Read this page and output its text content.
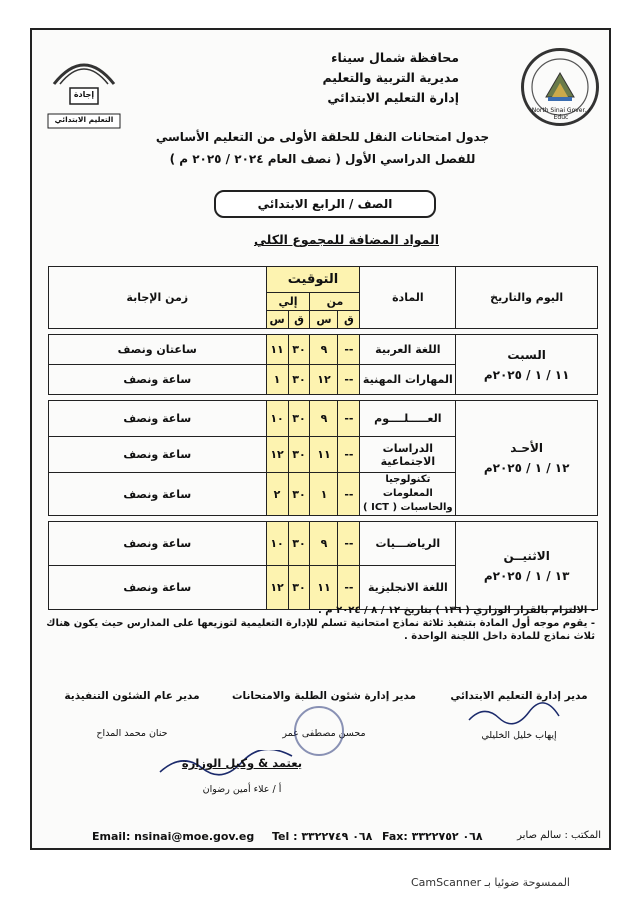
North Sinai Gover. / Educ
إجادة
التعليم الابتدائي
محافظة شمال سيناء
مديرية التربية والتعليم
إدارة التعليم الابتدائي
جدول امتحانات النقل للحلقة الأولى من التعليم الأساسي
للفصل الدراسي الأول ( نصف العام ٢٠٢٤ / ٢٠٢٥ م )
الصف / الرابع الابتدائي
المواد المضافة للمجموع الكلي
اليوم والتاريخ	المادة	التوقيت				زمن الإجابة
		من		إلي		
		ق	س	ق	س	

السبت
١١ / ١ / ٢٠٢٥م	اللغة العربية	--	٩	٣٠	١١	ساعتان ونصف
	المهارات المهنية	--	١٢	٣٠	١	ساعة ونصف

الأحـد
١٢ / ١ / ٢٠٢٥م	العـــــلــــوم	--	٩	٣٠	١٠	ساعة ونصف
	الدراسات الاجتماعية	--	١١	٣٠	١٢	ساعة ونصف
	تكنولوجيا المعلومات والحاسبات ( ICT )	--	١	٣٠	٢	ساعة ونصف

الاثنيــن
١٣ / ١ / ٢٠٢٥م	الرياضـــيات	--	٩	٣٠	١٠	ساعة ونصف
	اللغة الانجليزية	--	١١	٣٠	١٢	ساعة ونصف
- الالتزام بالقرار الوزاري ( ١٣٦ ) بتاريخ ١٢ / ٨ / ٢٠٢٤ م .
- يقوم موجه أول المادة بتنفيذ ثلاثة نماذج امتحانية تسلم للإدارة التعليمية لتوزيعها على المدارس حيث يكون هناك ثلاث نماذج للمادة داخل اللجنة الواحدة .
مدير إدارة التعليم الابتدائي
إيهاب خليل الخليلي
مدير إدارة شئون الطلبة والامتحانات
محسن مصطفى عمر
مدير عام الشئون التنفيذية
حنان محمد المداح
يعتمد & وكيل الوزارة
أ / علاء أمين رضوان
Email: nsinai@moe.gov.eg Tel : ٠٦٨ ٣٣٢٢٧٤٩ Fax: ٠٦٨ ٣٣٢٢٧٥٢	المكتب : سالم صابر
الممسوحة ضوئيا بـ CamScanner
